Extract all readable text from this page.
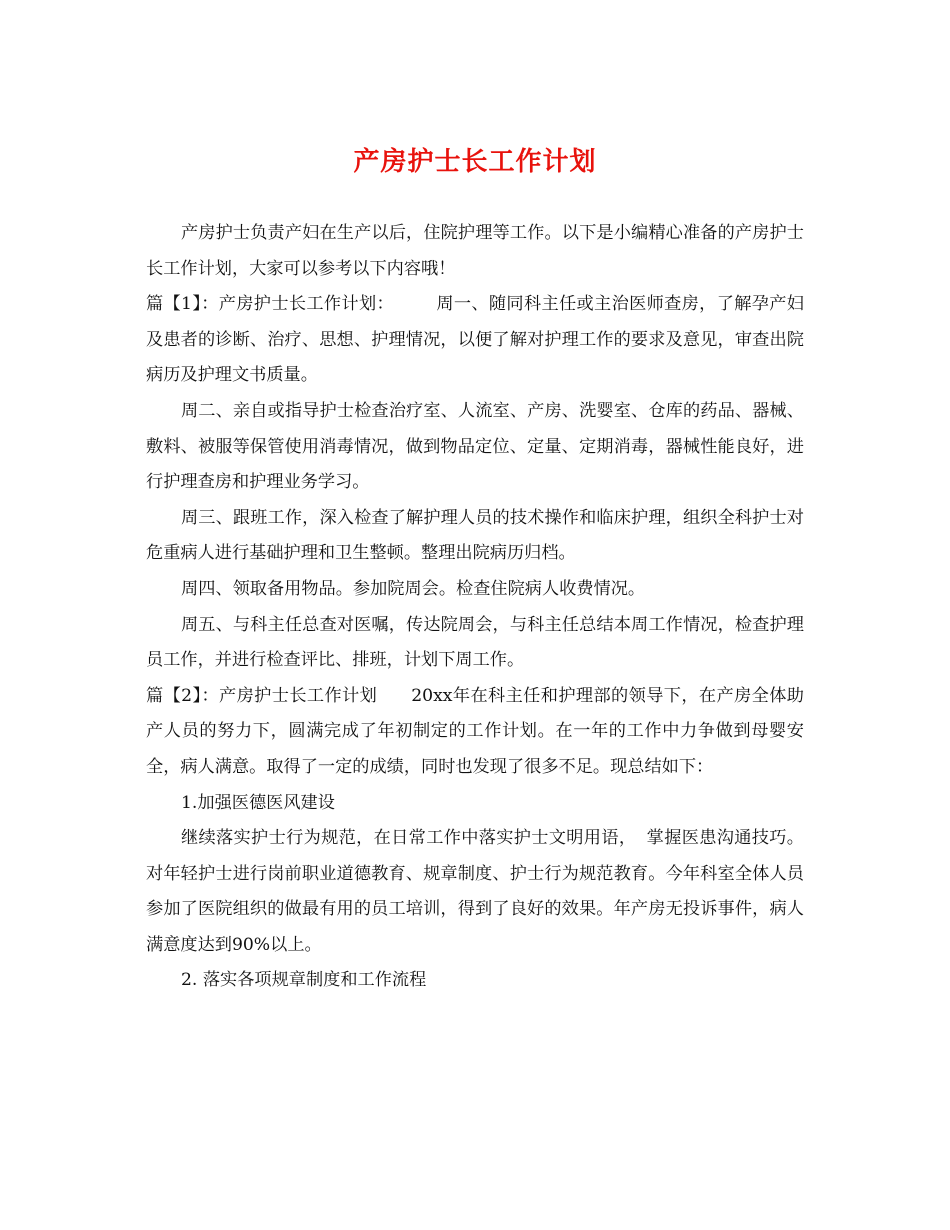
产房护士长工作计划

产房护士负责产妇在生产以后，住院护理等工作。以下是小编精心准备的产房护士长工作计划，大家可以参考以下内容哦！

篇【1】：产房护士长工作计划： 周一、随同科主任或主治医师查房，了解孕产妇及患者的诊断、治疗、思想、护理情况，以便了解对护理工作的要求及意见，审查出院病历及护理文书质量。

周二、亲自或指导护士检查治疗室、人流室、产房、洗婴室、仓库的药品、器械、敷料、被服等保管使用消毒情况，做到物品定位、定量、定期消毒，器械性能良好，进行护理查房和护理业务学习。

周三、跟班工作，深入检查了解护理人员的技术操作和临床护理，组织全科护士对危重病人进行基础护理和卫生整顿。整理出院病历归档。

周四、领取备用物品。参加院周会。检查住院病人收费情况。

周五、与科主任总查对医嘱，传达院周会，与科主任总结本周工作情况，检查护理员工作，并进行检查评比、排班，计划下周工作。

篇【2】：产房护士长工作计划 20xx年在科主任和护理部的领导下，在产房全体助产人员的努力下，圆满完成了年初制定的工作计划。在一年的工作中力争做到母婴安全，病人满意。取得了一定的成绩，同时也发现了很多不足。现总结如下：

1.加强医德医风建设

继续落实护士行为规范，在日常工作中落实护士文明用语， 掌握医患沟通技巧。对年轻护士进行岗前职业道德教育、规章制度、护士行为规范教育。今年科室全体人员参加了医院组织的做最有用的员工培训，得到了良好的效果。年产房无投诉事件，病人满意度达到90%以上。

2. 落实各项规章制度和工作流程
